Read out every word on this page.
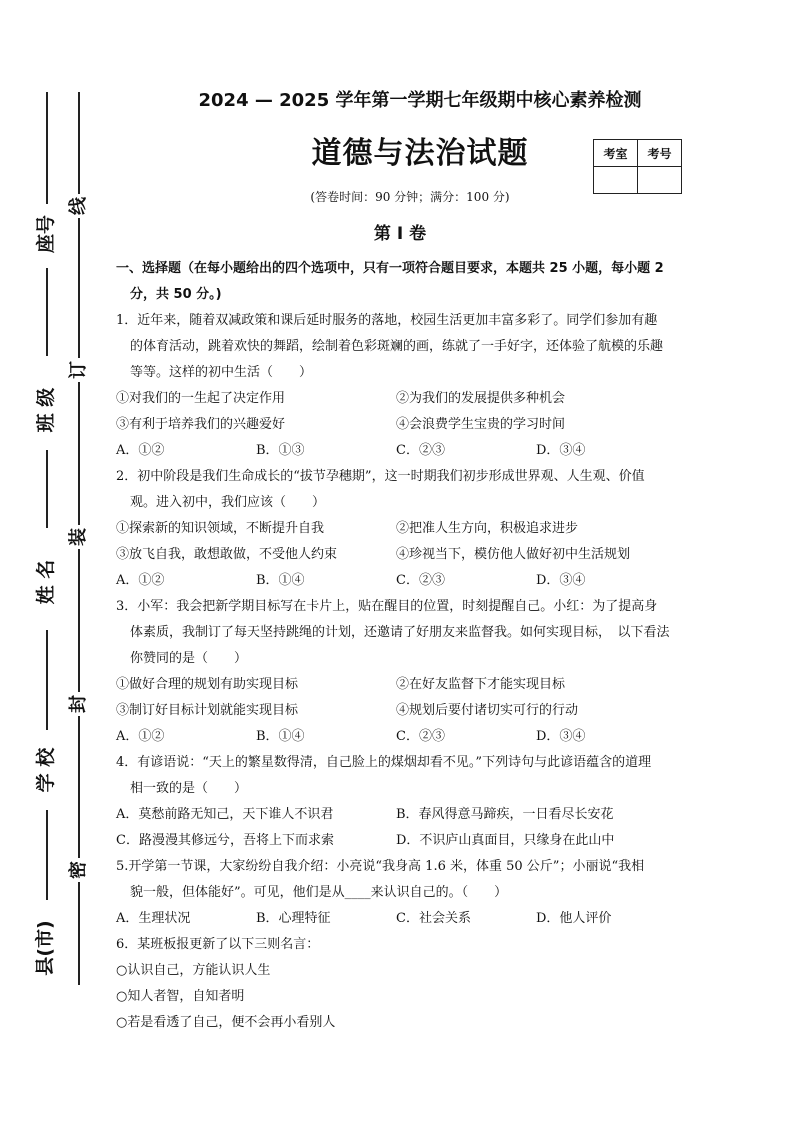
线
订
装
封
密
座号
班 级
姓 名
学 校
县(市)
2024 — 2025 学年第一学期七年级期中核心素养检测
道德与法治试题	考室	考号

(答卷时间：90 分钟；满分：100 分)
第 I 卷
一、选择题（在每小题给出的四个选项中，只有一项符合题目要求，本题共 25 小题，每小题 2
分，共 50 分。)
1．近年来，随着双减政策和课后延时服务的落地，校园生活更加丰富多彩了。同学们参加有趣
的体育活动，跳着欢快的舞蹈，绘制着色彩斑斓的画，练就了一手好字，还体验了航模的乐趣
等等。这样的初中生活（　　）
①对我们的一生起了决定作用	②为我们的发展提供多种机会
③有利于培养我们的兴趣爱好	④会浪费学生宝贵的学习时间
A．①②	B．①③	C．②③	D．③④
2．初中阶段是我们生命成长的“拔节孕穗期”，这一时期我们初步形成世界观、人生观、价值
观。进入初中，我们应该（　　）
①探索新的知识领域，不断提升自我	②把准人生方向，积极追求进步
③放飞自我，敢想敢做，不受他人约束	④珍视当下，模仿他人做好初中生活规划
A．①②	B．①④	C．②③	D．③④
3．小军：我会把新学期目标写在卡片上，贴在醒目的位置，时刻提醒自己。小红：为了提高身
体素质，我制订了每天坚持跳绳的计划，还邀请了好朋友来监督我。如何实现目标，　以下看法
你赞同的是（　　）
①做好合理的规划有助实现目标	②在好友监督下才能实现目标
③制订好目标计划就能实现目标	④规划后要付诸切实可行的行动
A．①②	B．①④	C．②③	D．③④
4．有谚语说：“天上的繁星数得清，自己脸上的煤烟却看不见。”下列诗句与此谚语蕴含的道理
相一致的是（　　）
A．莫愁前路无知己，天下谁人不识君	B．春风得意马蹄疾，一日看尽长安花
C．路漫漫其修远兮，吾将上下而求索	D．不识庐山真面目，只缘身在此山中
5.开学第一节课，大家纷纷自我介绍：小亮说“我身高 1.6 米，体重 50 公斤”；小丽说“我相
貌一般，但体能好”。可见，他们是从____来认识自己的。（　　）
A．生理状况	B．心理特征	C．社会关系	D．他人评价
6．某班板报更新了以下三则名言：
○认识自己，方能认识人生
○知人者智，自知者明
○若是看透了自己，便不会再小看别人
